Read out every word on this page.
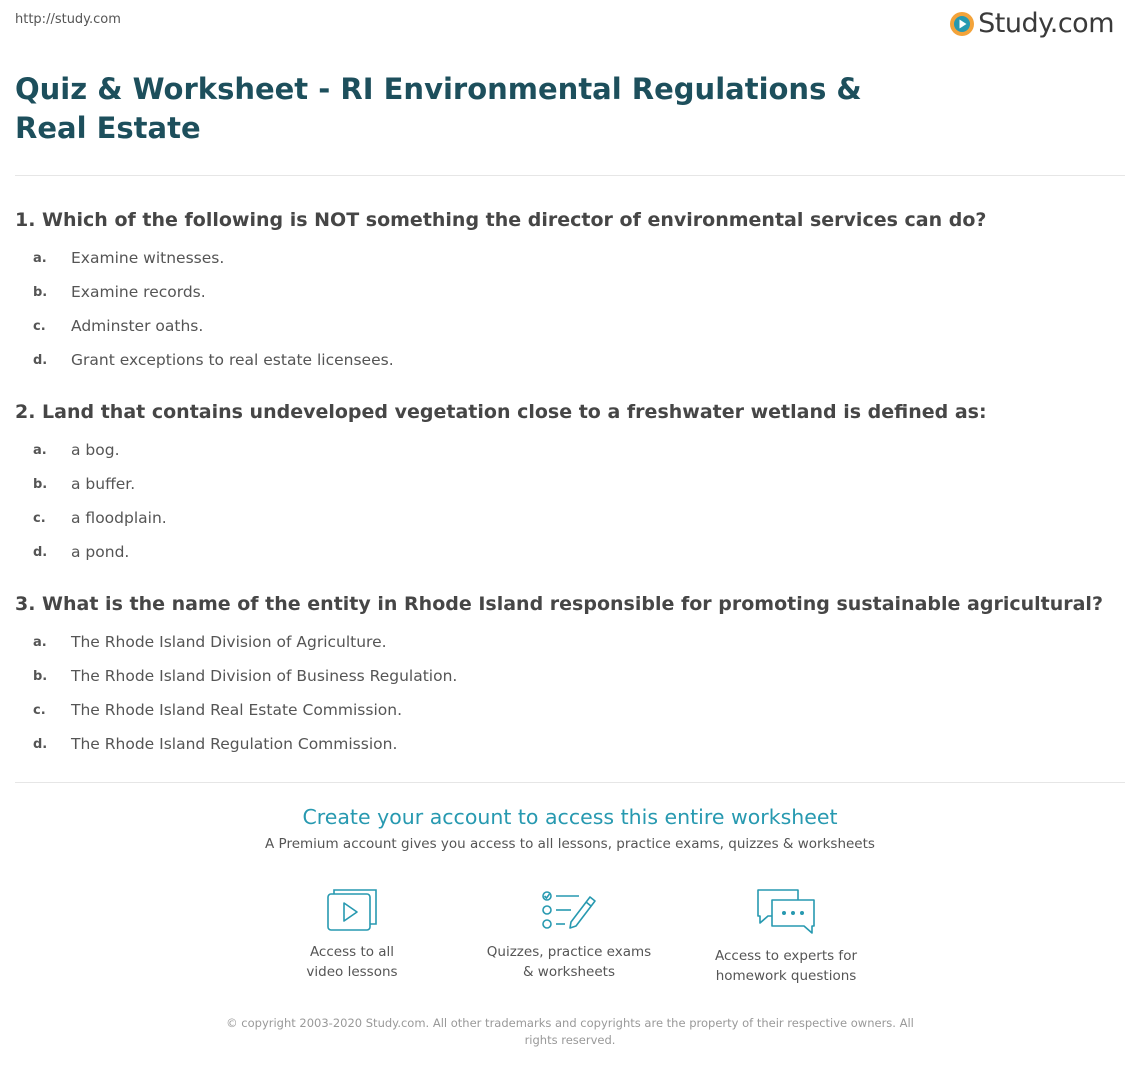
http://study.com	Study.com
Quiz & Worksheet - RI Environmental Regulations & Real Estate

1. Which of the following is NOT something the director of environmental services can do?

a.	Examine witnesses.
b.	Examine records.
c.	Adminster oaths.
d.	Grant exceptions to real estate licensees.

2. Land that contains undeveloped vegetation close to a freshwater wetland is defined as:

a.	a bog.
b.	a buffer.
c.	a floodplain.
d.	a pond.

3. What is the name of the entity in Rhode Island responsible for promoting sustainable agricultural?

a.	The Rhode Island Division of Agriculture.
b.	The Rhode Island Division of Business Regulation.
c.	The Rhode Island Real Estate Commission.
d.	The Rhode Island Regulation Commission.
Create your account to access this entire worksheet
A Premium account gives you access to all lessons, practice exams, quizzes & worksheets
Access to all
video lessons
Quizzes, practice exams
& worksheets
Access to experts for
homework questions
© copyright 2003-2020 Study.com. All other trademarks and copyrights are the property of their respective owners. All rights reserved.
